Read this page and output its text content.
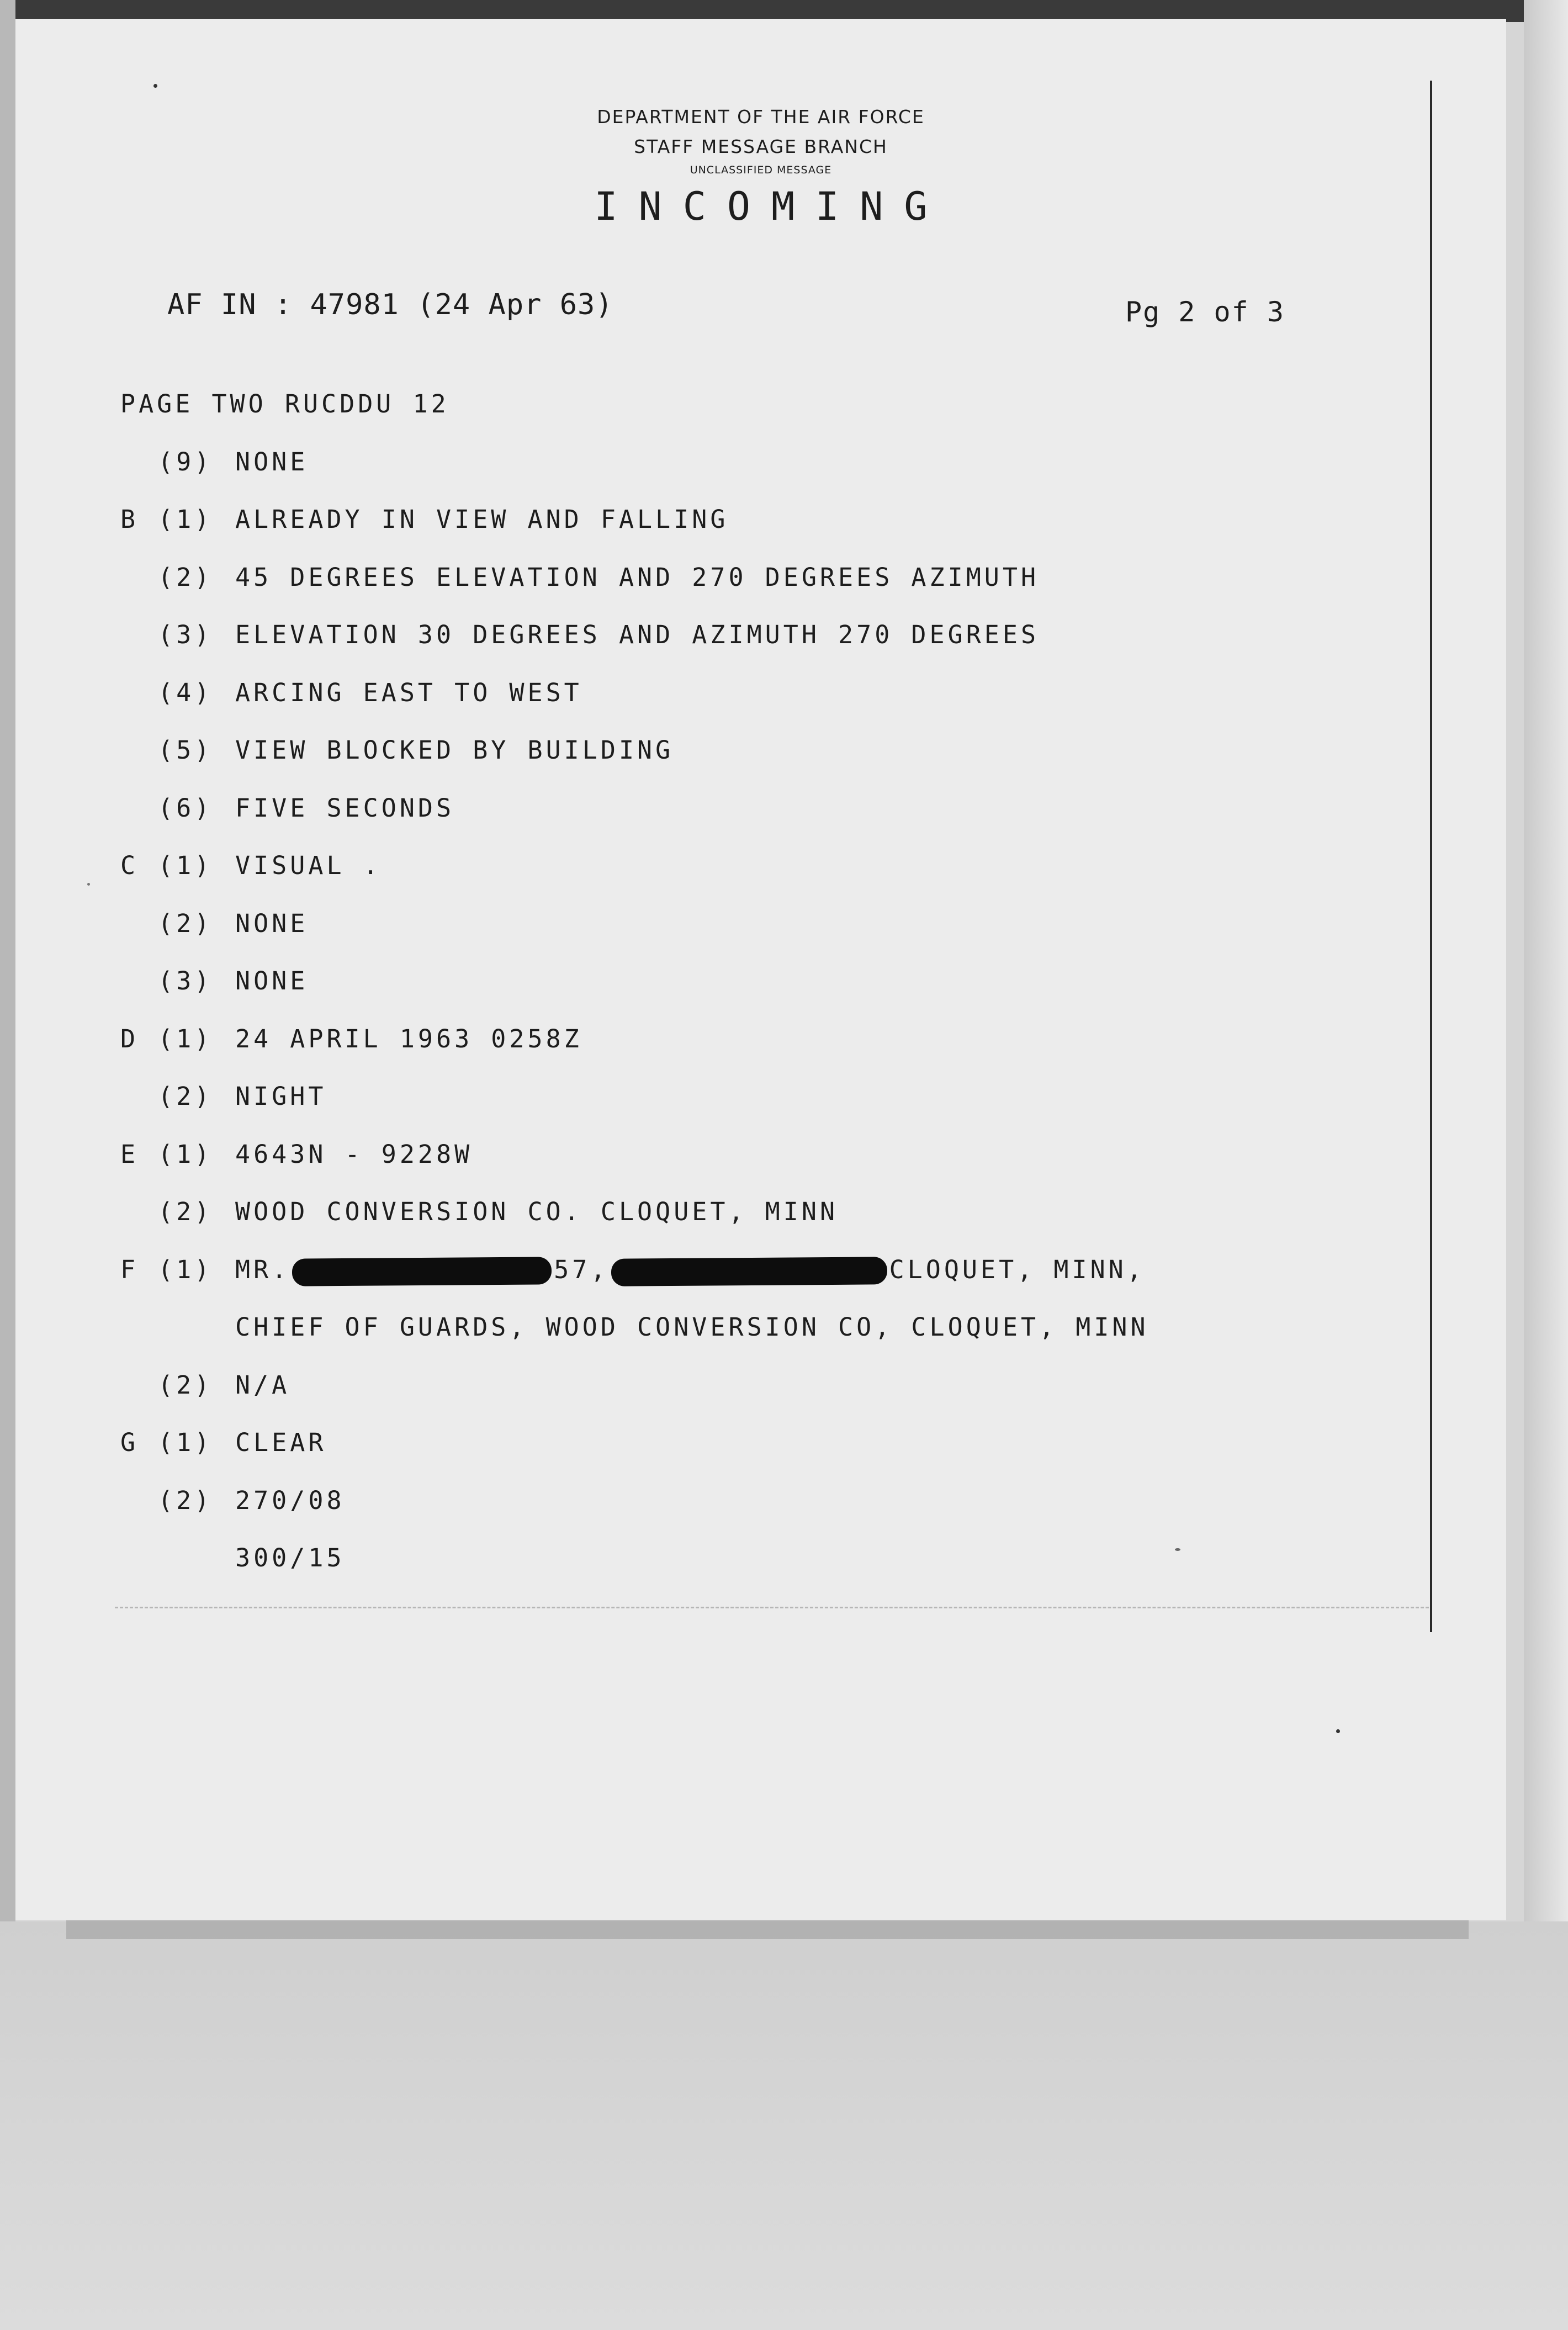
DEPARTMENT OF THE AIR FORCE
STAFF MESSAGE BRANCH
UNCLASSIFIED MESSAGE
INCOMING
AF IN : 47981 (24 Apr 63)	Pg 2 of 3
PAGE TWO RUCDDU 12
(9) NONE
B (1) ALREADY IN VIEW AND FALLING
(2) 45 DEGREES ELEVATION AND 270 DEGREES AZIMUTH
(3) ELEVATION 30 DEGREES AND AZIMUTH 270 DEGREES
(4) ARCING EAST TO WEST
(5) VIEW BLOCKED BY BUILDING
(6) FIVE SECONDS
C (1) VISUAL .
(2) NONE
(3) NONE
D (1) 24 APRIL 1963 0258Z
(2) NIGHT
E (1) 4643N - 9228W
(2) WOOD CONVERSION CO. CLOQUET, MINN
F (1) MR.	57,	CLOQUET, MINN,
CHIEF OF GUARDS, WOOD CONVERSION CO, CLOQUET, MINN
(2) N/A
G (1) CLEAR
(2) 270/08
300/15
